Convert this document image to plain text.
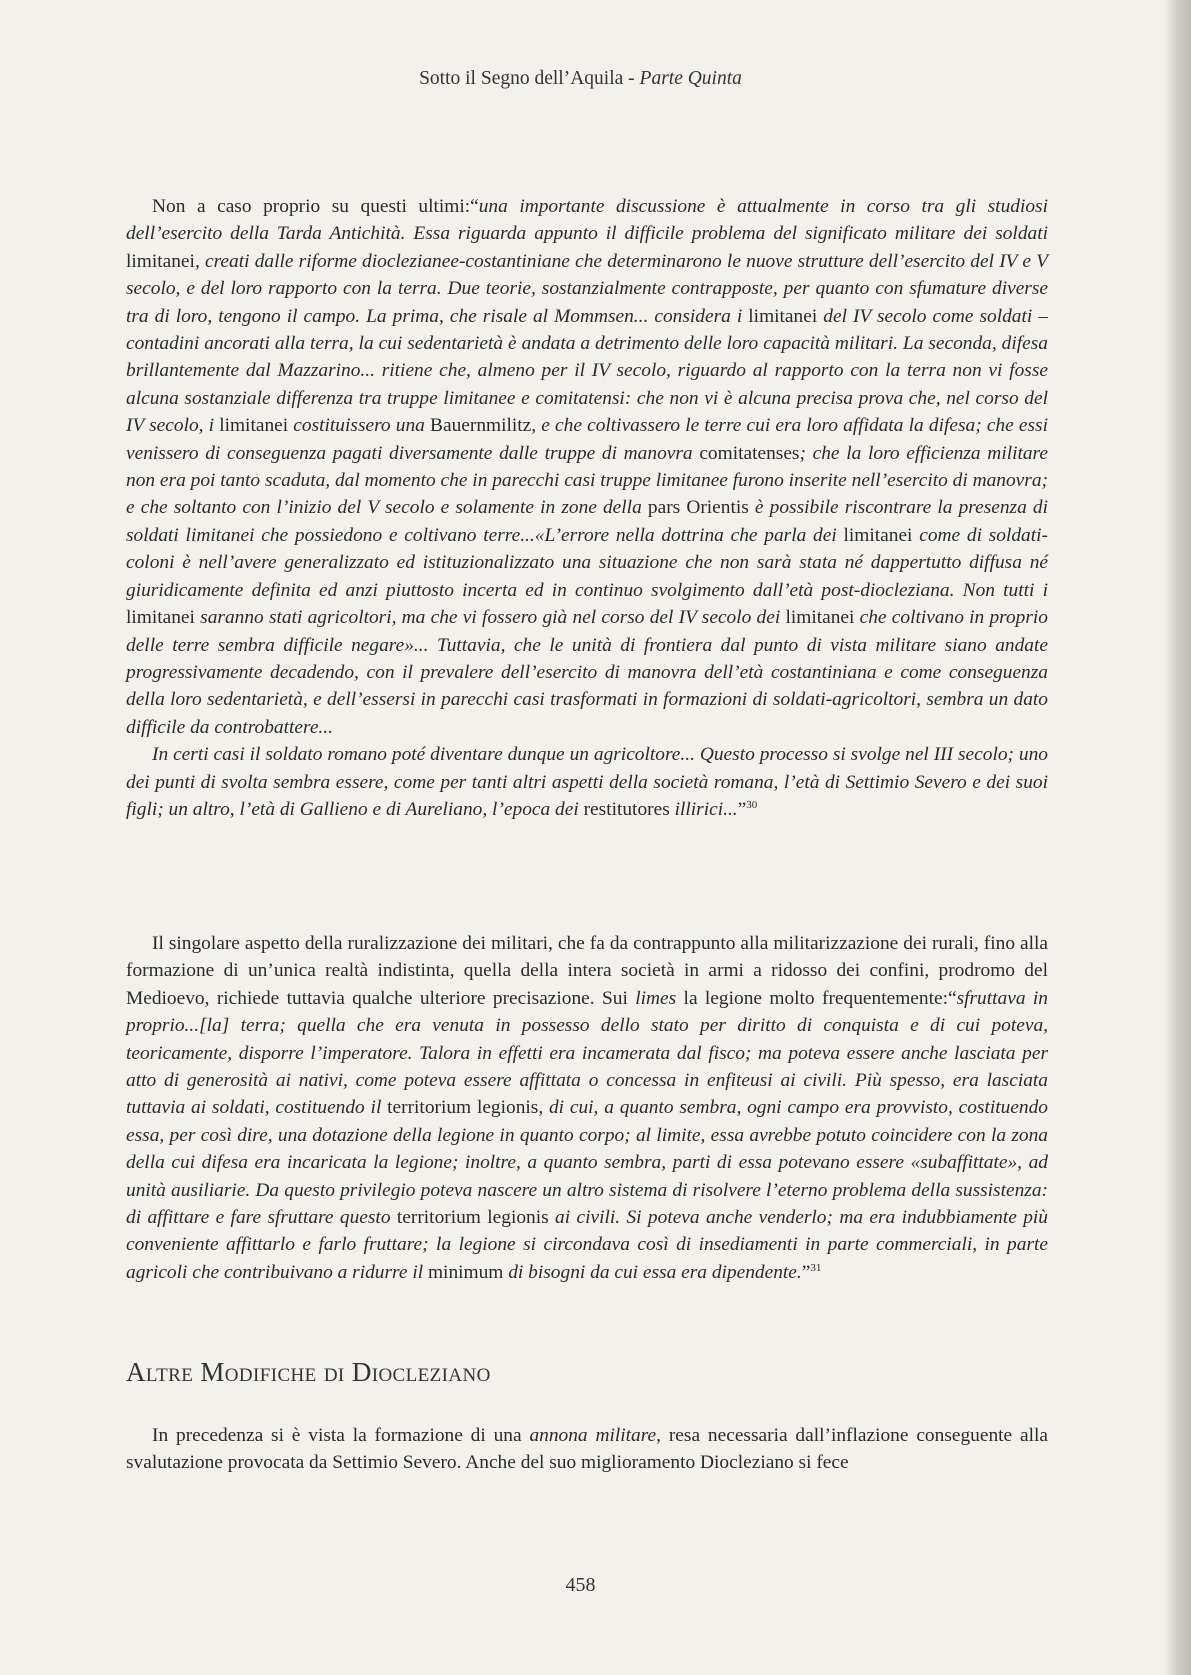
Sotto il Segno dell’Aquila - Parte Quinta

Non a caso proprio su questi ultimi:“una importante discussione è attualmente in corso tra gli studiosi dell’esercito della Tarda Antichità. Essa riguarda appunto il difficile problema del significato militare dei soldati limitanei, creati dalle riforme dioclezianee-costantiniane che determinarono le nuove strutture dell’esercito del IV e V secolo, e del loro rapporto con la terra. Due teorie, sostanzialmente contrapposte, per quanto con sfumature diverse tra di loro, tengono il campo. La prima, che risale al Mommsen... considera i limitanei del IV secolo come soldati –contadini ancorati alla terra, la cui sedentarietà è andata a detrimento delle loro capacità militari. La seconda, difesa brillantemente dal Mazzarino... ritiene che, almeno per il IV secolo, riguardo al rapporto con la terra non vi fosse alcuna sostanziale differenza tra truppe limitanee e comitatensi: che non vi è alcuna precisa prova che, nel corso del IV secolo, i limitanei costituissero una Bauernmilitz, e che coltivassero le terre cui era loro affidata la difesa; che essi venissero di conseguenza pagati diversamente dalle truppe di manovra comitatenses; che la loro efficienza militare non era poi tanto scaduta, dal momento che in parecchi casi truppe limitanee furono inserite nell’esercito di manovra; e che soltanto con l’inizio del V secolo e solamente in zone della pars Orientis è possibile riscontrare la presenza di soldati limitanei che possiedono e coltivano terre...«L’errore nella dottrina che parla dei limitanei come di soldati-coloni è nell’avere generalizzato ed istituzionalizzato una situazione che non sarà stata né dappertutto diffusa né giuridicamente definita ed anzi piuttosto incerta ed in continuo svolgimento dall’età post-diocleziana. Non tutti i limitanei saranno stati agricoltori, ma che vi fossero già nel corso del IV secolo dei limitanei che coltivano in proprio delle terre sembra difficile negare»... Tuttavia, che le unità di frontiera dal punto di vista militare siano andate progressivamente decadendo, con il prevalere dell’esercito di manovra dell’età costantiniana e come conseguenza della loro sedentarietà, e dell’essersi in parecchi casi trasformati in formazioni di soldati-agricoltori, sembra un dato difficile da controbattere...

In certi casi il soldato romano poté diventare dunque un agricoltore... Questo processo si svolge nel III secolo; uno dei punti di svolta sembra essere, come per tanti altri aspetti della società romana, l’età di Settimio Severo e dei suoi figli; un altro, l’età di Gallieno e di Aureliano, l’epoca dei restitutores illirici...”$^{30}$

Il singolare aspetto della ruralizzazione dei militari, che fa da contrappunto alla militarizzazione dei rurali, fino alla formazione di un’unica realtà indistinta, quella della intera società in armi a ridosso dei confini, prodromo del Medioevo, richiede tuttavia qualche ulteriore precisazione. Sui limes la legione molto frequentemente:“sfruttava in proprio...[la] terra; quella che era venuta in possesso dello stato per diritto di conquista e di cui poteva, teoricamente, disporre l’imperatore. Talora in effetti era incamerata dal fisco; ma poteva essere anche lasciata per atto di generosità ai nativi, come poteva essere affittata o concessa in enfiteusi ai civili. Più spesso, era lasciata tuttavia ai soldati, costituendo il territorium legionis, di cui, a quanto sembra, ogni campo era provvisto, costituendo essa, per così dire, una dotazione della legione in quanto corpo; al limite, essa avrebbe potuto coincidere con la zona della cui difesa era incaricata la legione; inoltre, a quanto sembra, parti di essa potevano essere «subaffittate», ad unità ausiliarie. Da questo privilegio poteva nascere un altro sistema di risolvere l’eterno problema della sussistenza: di affittare e fare sfruttare questo territorium legionis ai civili. Si poteva anche venderlo; ma era indubbiamente più conveniente affittarlo e farlo fruttare; la legione si circondava così di insediamenti in parte commerciali, in parte agricoli che contribuivano a ridurre il minimum di bisogni da cui essa era dipendente.”$^{31}$

Altre Modifiche di Diocleziano

In precedenza si è vista la formazione di una annona militare, resa necessaria dall’inflazione conseguente alla svalutazione provocata da Settimio Severo. Anche del suo miglioramento Diocleziano si fece

458
